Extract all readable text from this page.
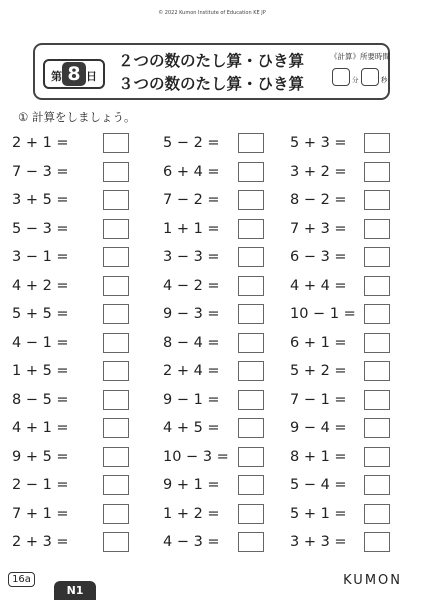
© 2022 Kumon Institute of Education KE JP
第 8 日
２つの数のたし算・ひき算
３つの数のたし算・ひき算
《計算》所要時間
分	秒
① 計算をしましょう。
2 + 1 =
7 − 3 =
3 + 5 =
5 − 3 =
3 − 1 =
4 + 2 =
5 + 5 =
4 − 1 =
1 + 5 =
8 − 5 =
4 + 1 =
9 + 5 =
2 − 1 =
7 + 1 =
2 + 3 =
5 − 2 =
6 + 4 =
7 − 2 =
1 + 1 =
3 − 3 =
4 − 2 =
9 − 3 =
8 − 4 =
2 + 4 =
9 − 1 =
4 + 5 =
10 − 3 =
9 + 1 =
1 + 2 =
4 − 3 =
5 + 3 =
3 + 2 =
8 − 2 =
7 + 3 =
6 − 3 =
4 + 4 =
10 − 1 =
6 + 1 =
5 + 2 =
7 − 1 =
9 − 4 =
8 + 1 =
5 − 4 =
5 + 1 =
3 + 3 =
16a
N1
KUMON
